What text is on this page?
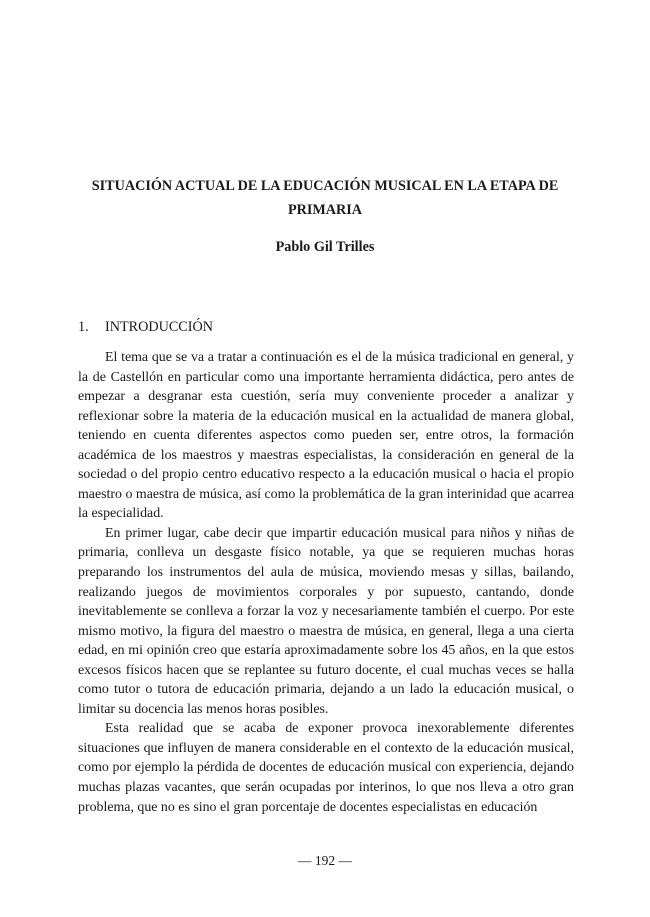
SITUACIÓN ACTUAL DE LA EDUCACIÓN MUSICAL EN LA ETAPA DE PRIMARIA
Pablo Gil Trilles
1. INTRODUCCIÓN

El tema que se va a tratar a continuación es el de la música tradicional en general, y la de Castellón en particular como una importante herramienta didáctica, pero antes de empezar a desgranar esta cuestión, sería muy conveniente proceder a analizar y reflexionar sobre la materia de la educación musical en la actualidad de manera global, teniendo en cuenta diferentes aspectos como pueden ser, entre otros, la formación académica de los maestros y maestras especialistas, la consideración en general de la sociedad o del propio centro educativo respecto a la educación musical o hacia el propio maestro o maestra de música, así como la problemática de la gran interinidad que acarrea la especialidad.

En primer lugar, cabe decir que impartir educación musical para niños y niñas de primaria, conlleva un desgaste físico notable, ya que se requieren muchas horas preparando los instrumentos del aula de música, moviendo mesas y sillas, bailando, realizando juegos de movimientos corporales y por supuesto, cantando, donde inevitablemente se conlleva a forzar la voz y necesariamente también el cuerpo. Por este mismo motivo, la figura del maestro o maestra de música, en general, llega a una cierta edad, en mi opinión creo que estaría aproximadamente sobre los 45 años, en la que estos excesos físicos hacen que se replantee su futuro docente, el cual muchas veces se halla como tutor o tutora de educación primaria, dejando a un lado la educación musical, o limitar su docencia las menos horas posibles.

Esta realidad que se acaba de exponer provoca inexorablemente diferentes situaciones que influyen de manera considerable en el contexto de la educación musical, como por ejemplo la pérdida de docentes de educación musical con experiencia, dejando muchas plazas vacantes, que serán ocupadas por interinos, lo que nos lleva a otro gran problema, que no es sino el gran porcentaje de docentes especialistas en educación

— 192 —
